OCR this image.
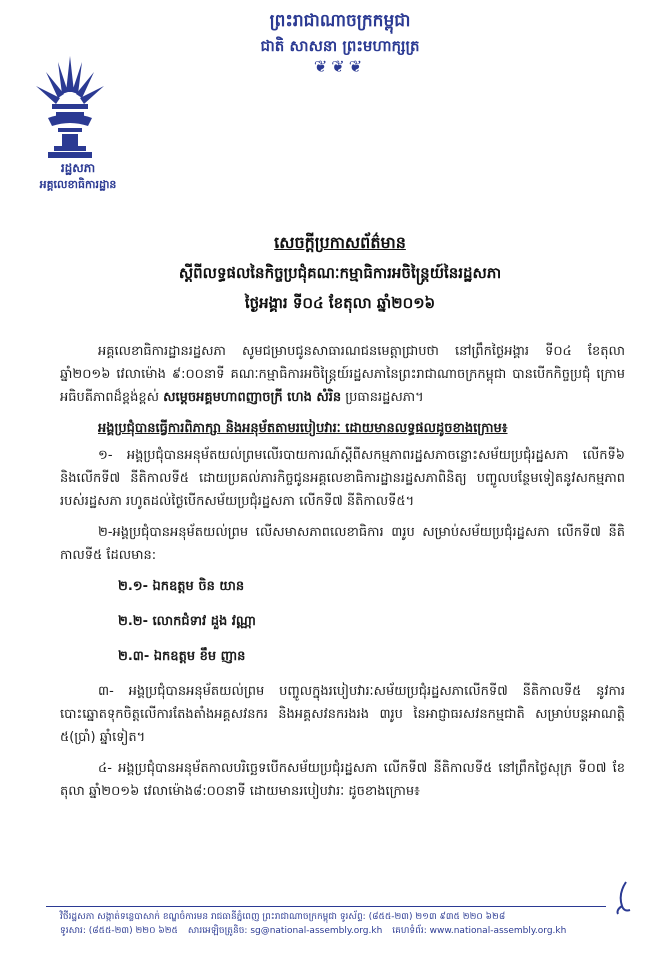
ព្រះរាជាណាចក្រកម្ពុជា
ជាតិ សាសនា ព្រះមហាក្សត្រ
❦❦❦
រដ្ឋសភា
អគ្គលេខាធិការដ្ឋាន
សេចក្តីប្រកាសព័ត៌មាន
ស្តីពីលទ្ធផលនៃកិច្ចប្រជុំគណៈកម្មាធិការអចិន្ត្រៃយ៍នៃរដ្ឋសភា
ថ្ងៃអង្គារ ទី០៤ ខែតុលា ឆ្នាំ២០១៦

អគ្គលេខាធិការដ្ឋានរដ្ឋសភា សូមជម្រាបជូនសាធារណជនមេត្តាជ្រាបថា នៅព្រឹកថ្ងៃអង្គារ ទី០៤ ខែតុលា ឆ្នាំ២០១៦ វេលាម៉ោង ៩:០០នាទី គណៈកម្មាធិការអចិន្ត្រៃយ៍រដ្ឋសភានៃព្រះរាជាណាចក្រកម្ពុជា បានបើកកិច្ចប្រជុំ ក្រោមអធិបតីភាពដ៏ខ្ពង់ខ្ពស់ សម្តេចអគ្គមហាពញាចក្រី ហេង សំរិន ប្រធានរដ្ឋសភា។

អង្គប្រជុំបានធ្វើការពិភាក្សា និងអនុម័តតាមរបៀបវារៈ ដោយមានលទ្ធផលដូចខាងក្រោម៖

១- អង្គប្រជុំបានអនុម័តយល់ព្រមលើរបាយការណ៍ស្តីពីសកម្មភាពរដ្ឋសភាចន្លោះសម័យប្រជុំរដ្ឋសភា លើកទី៦ និងលើកទី៧ នីតិកាលទី៥ ដោយប្រគល់ភារកិច្ចជូនអគ្គលេខាធិការដ្ឋានរដ្ឋសភាពិនិត្យ បញ្ចូលបន្ថែមទៀតនូវសកម្មភាពរបស់រដ្ឋសភា រហូតដល់ថ្ងៃបើកសម័យប្រជុំរដ្ឋសភា លើកទី៧ នីតិកាលទី៥។

២-អង្គប្រជុំបានអនុម័តយល់ព្រម លើសមាសភាពលេខាធិការ ៣រូប សម្រាប់សម័យប្រជុំរដ្ឋសភា លើកទី៧ នីតិកាលទី៥ ដែលមាន:

២.១- ឯកឧត្តម ចិន យាន

២.២- លោកជំទាវ ដួង វណ្ណា

២.៣- ឯកឧត្តម ខឹម ញាន

៣- អង្គប្រជុំបានអនុម័តយល់ព្រម បញ្ចូលក្នុងរបៀបវារៈសម័យប្រជុំរដ្ឋសភាលើកទី៧ នីតិកាលទី៥ នូវការបោះឆ្នោតទុកចិត្តលើការតែងតាំងអគ្គសវនករ និងអគ្គសវនករងរង ៣រូប នៃអាជ្ញាធរសវនកម្មជាតិ សម្រាប់បន្តអាណត្តិ ៥(ប្រាំ) ឆ្នាំទៀត។

៤- អង្គប្រជុំបានអនុម័តកាលបរិច្ឆេទបើកសម័យប្រជុំរដ្ឋសភា លើកទី៧ នីតិកាលទី៥ នៅព្រឹកថ្ងៃសុក្រ ទី០៧ ខែតុលា ឆ្នាំ២០១៦ វេលាម៉ោង៨:០០នាទី ដោយមានរបៀបវារៈ ដូចខាងក្រោម៖

វិថីរដ្ឋសភា សង្កាត់ទន្លេបាសាក់ ខណ្ឌចំការមន រាជធានីភ្នំពេញ ព្រះរាជាណាចក្រកម្ពុជា ទូរស័ព្ទ: (៨៥៥-២៣) ២១៣ ៩៣៥ ២២០ ៦២៨
ទូរសារ: (៨៥៥-២៣) ២២០ ៦២៥ សារអេឡិចត្រូនិច: sg@national-assembly.org.kh គេហទំព័រ: www.national-assembly.org.kh
